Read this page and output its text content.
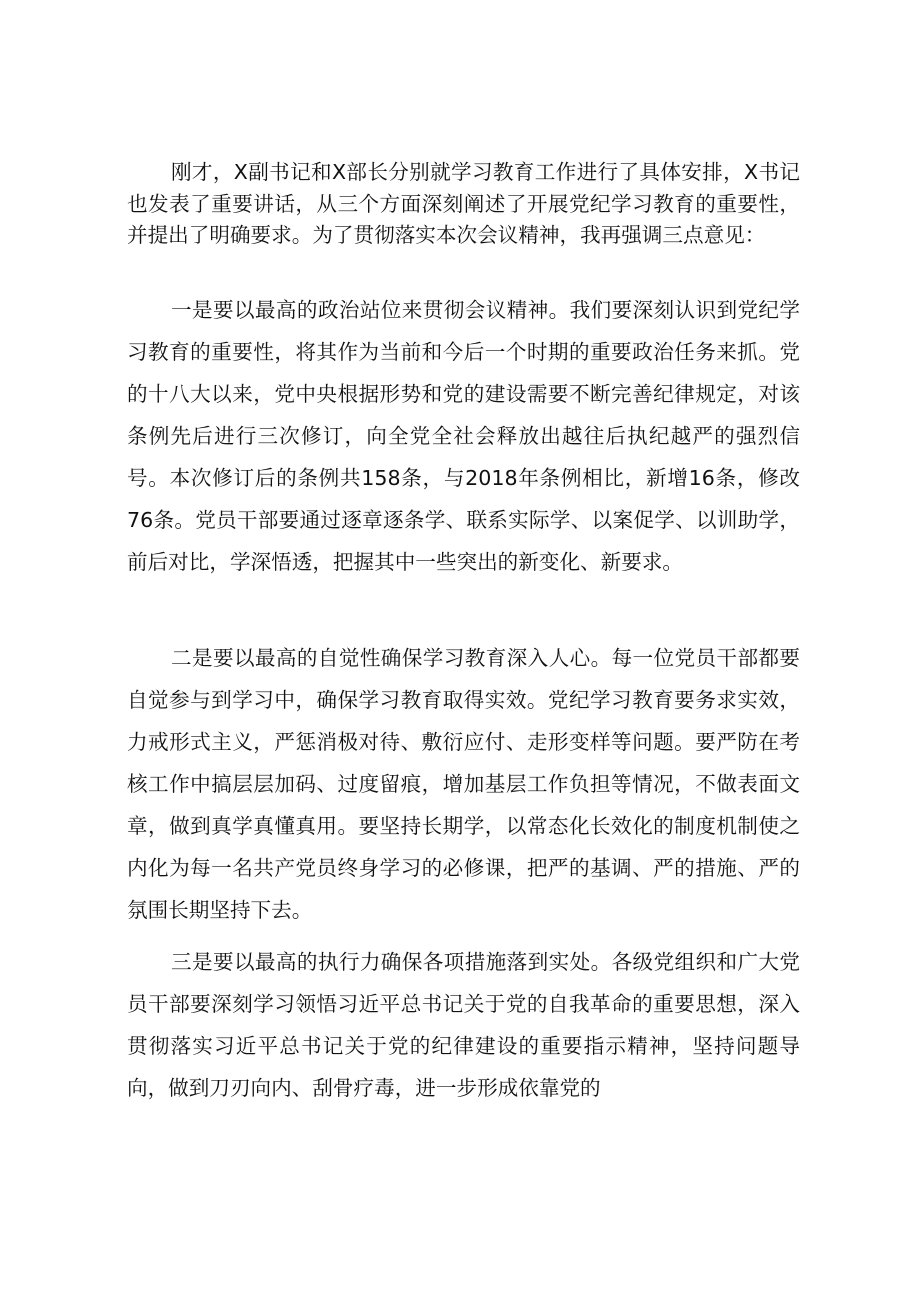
刚才，X副书记和X部长分别就学习教育工作进行了具体安排，X书记也发表了重要讲话，从三个方面深刻阐述了开展党纪学习教育的重要性，并提出了明确要求。为了贯彻落实本次会议精神，我再强调三点意见：

一是要以最高的政治站位来贯彻会议精神。我们要深刻认识到党纪学习教育的重要性，将其作为当前和今后一个时期的重要政治任务来抓。党的十八大以来，党中央根据形势和党的建设需要不断完善纪律规定，对该条例先后进行三次修订，向全党全社会释放出越往后执纪越严的强烈信号。本次修订后的条例共158条，与2018年条例相比，新增16条，修改76条。党员干部要通过逐章逐条学、联系实际学、以案促学、以训助学，前后对比，学深悟透，把握其中一些突出的新变化、新要求。

二是要以最高的自觉性确保学习教育深入人心。每一位党员干部都要自觉参与到学习中，确保学习教育取得实效。党纪学习教育要务求实效，力戒形式主义，严惩消极对待、敷衍应付、走形变样等问题。要严防在考核工作中搞层层加码、过度留痕，增加基层工作负担等情况，不做表面文章，做到真学真懂真用。要坚持长期学，以常态化长效化的制度机制使之内化为每一名共产党员终身学习的必修课，把严的基调、严的措施、严的氛围长期坚持下去。

三是要以最高的执行力确保各项措施落到实处。各级党组织和广大党员干部要深刻学习领悟习近平总书记关于党的自我革命的重要思想，深入贯彻落实习近平总书记关于党的纪律建设的重要指示精神，坚持问题导向，做到刀刃向内、刮骨疗毒，进一步形成依靠党的
